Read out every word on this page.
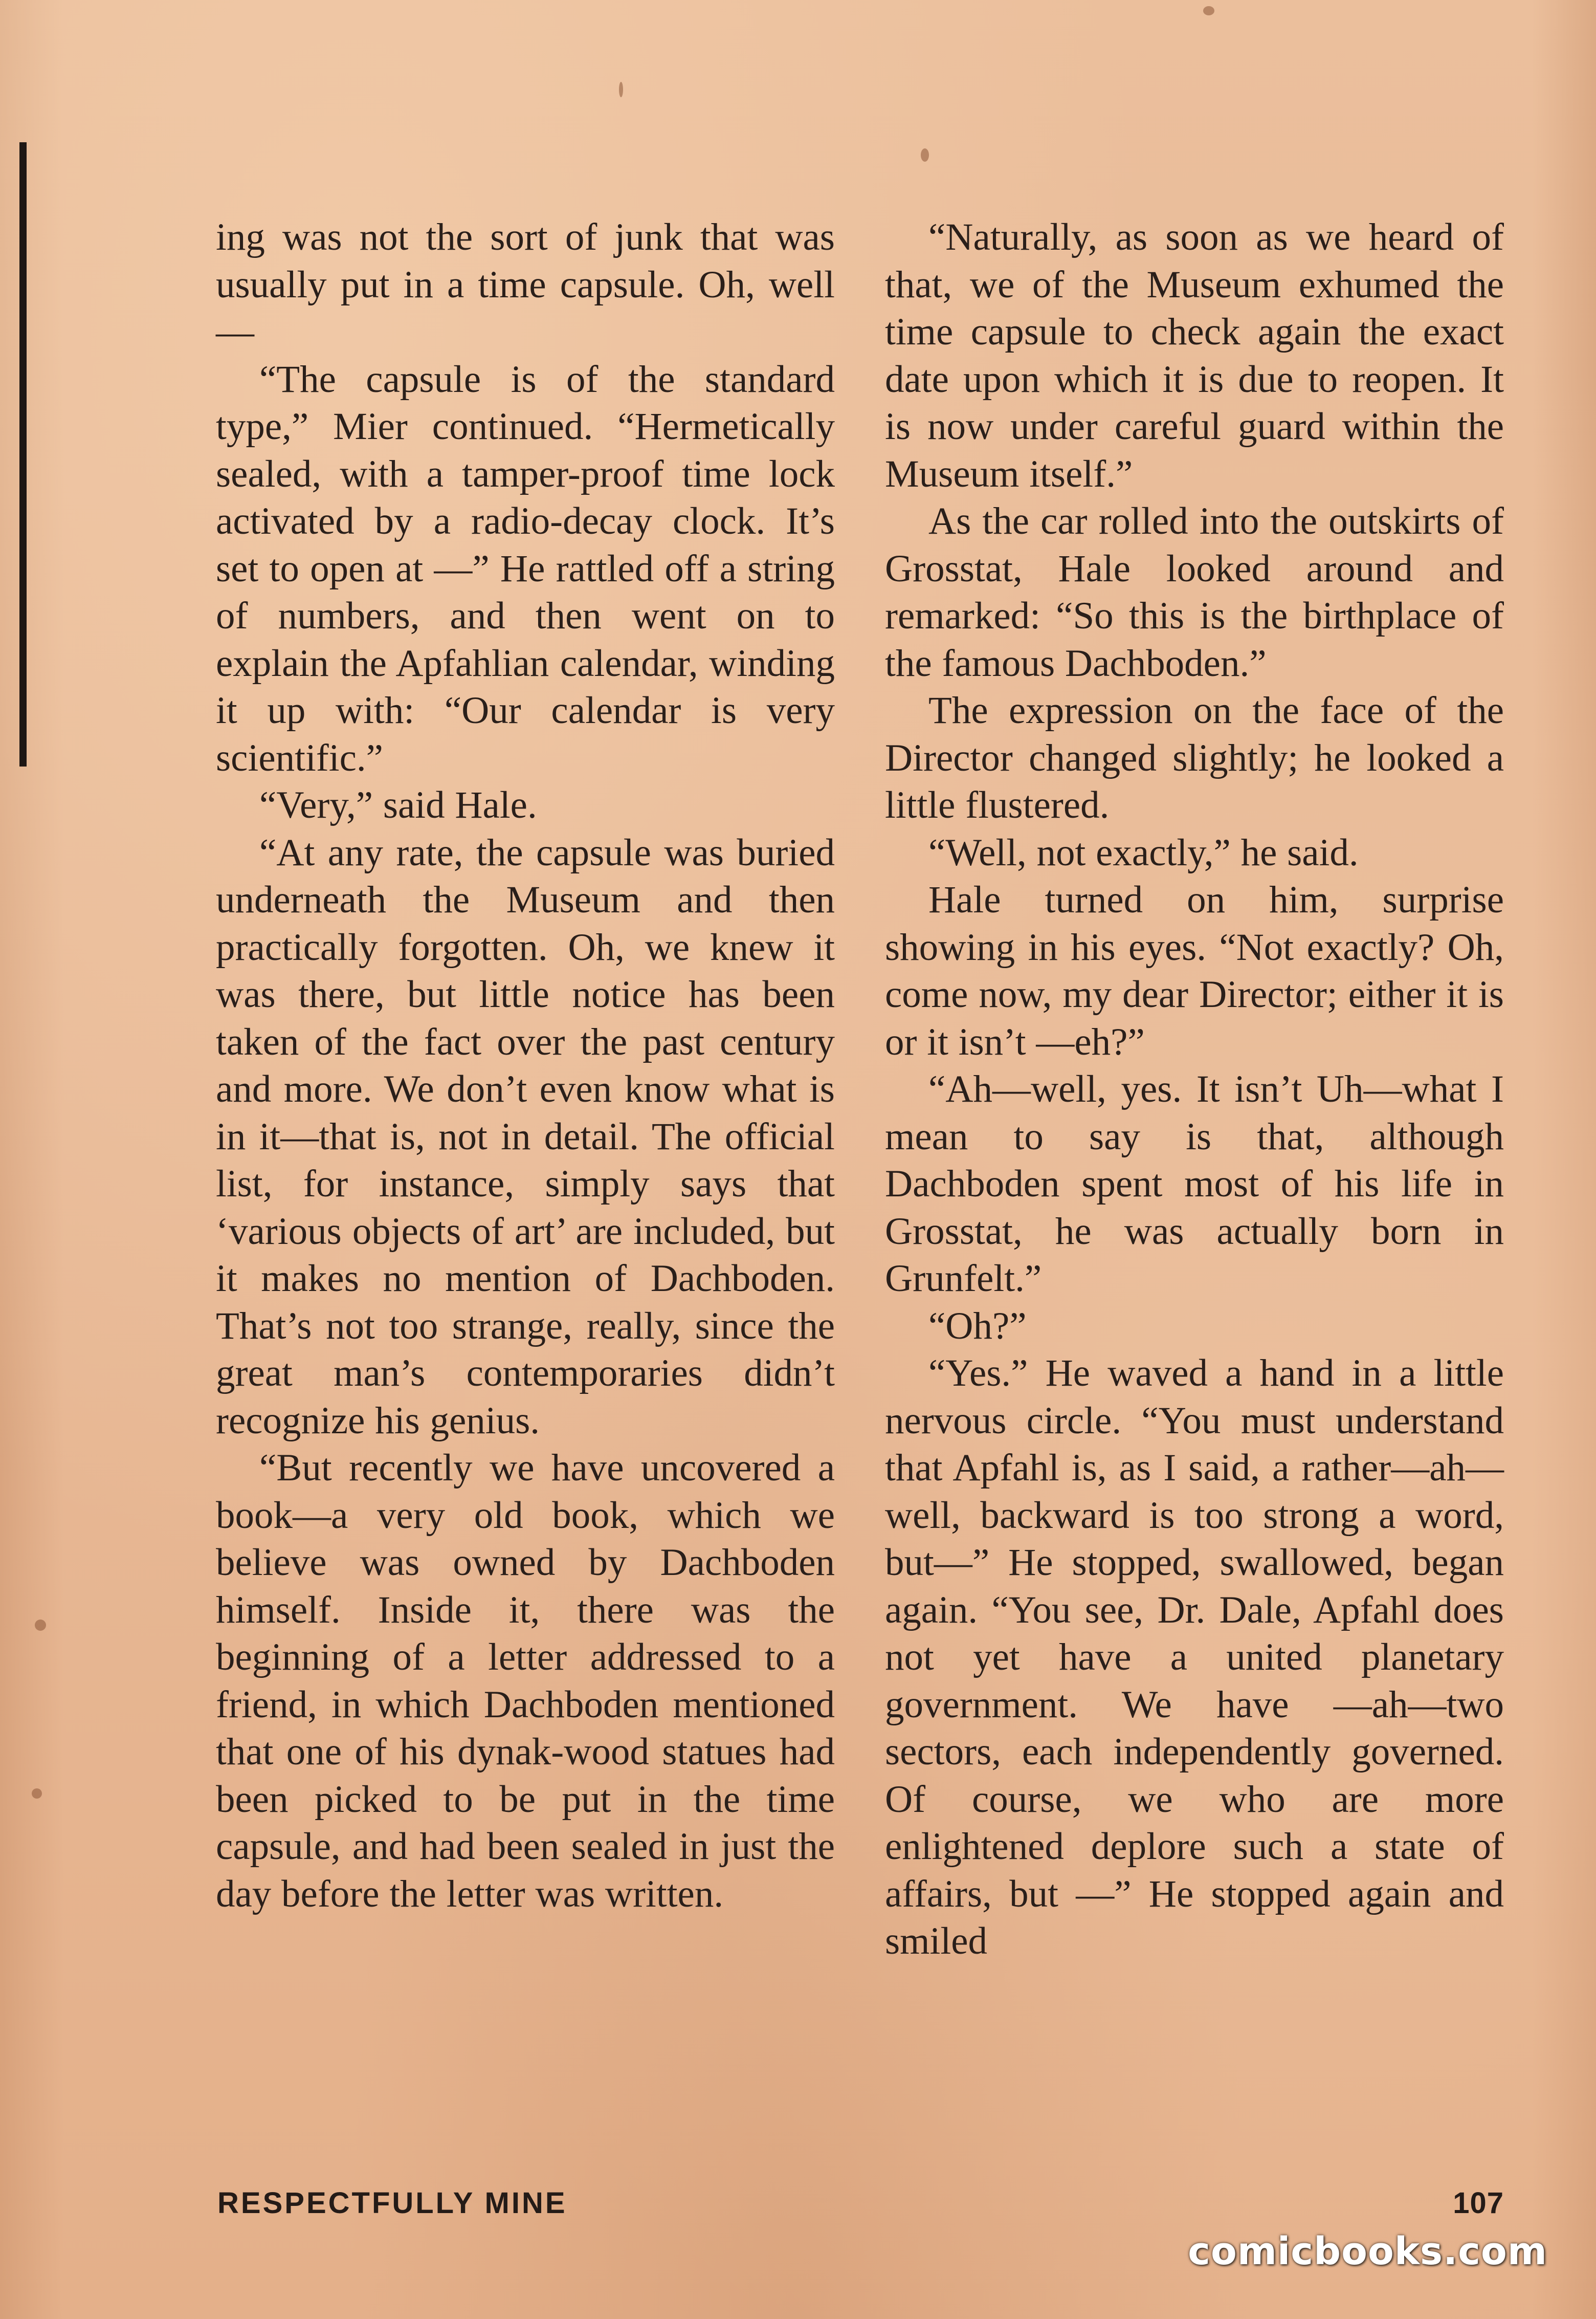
ing was not the sort of junk that was usually put in a time capsule. Oh, well—

“The capsule is of the standard type,” Mier continued. “Hermetically sealed, with a tamper-proof time lock activated by a radio-decay clock. It’s set to open at —” He rattled off a string of numbers, and then went on to explain the Apfahlian calendar, winding it up with: “Our calendar is very scientific.”

“Very,” said Hale.

“At any rate, the capsule was buried underneath the Museum and then practically forgotten. Oh, we knew it was there, but little notice has been taken of the fact over the past century and more. We don’t even know what is in it—that is, not in detail. The official list, for instance, simply says that ‘various objects of art’ are included, but it makes no mention of Dachboden. That’s not too strange, really, since the great man’s contemporaries didn’t recognize his genius.

“But recently we have uncovered a book—a very old book, which we believe was owned by Dachboden himself. Inside it, there was the beginning of a letter addressed to a friend, in which Dachboden mentioned that one of his dynak-wood statues had been picked to be put in the time capsule, and had been sealed in just the day before the letter was written.

“Naturally, as soon as we heard of that, we of the Museum exhumed the time capsule to check again the exact date upon which it is due to reopen. It is now under careful guard within the Museum itself.”

As the car rolled into the outskirts of Grosstat, Hale looked around and remarked: “So this is the birthplace of the famous Dachboden.”

The expression on the face of the Director changed slightly; he looked a little flustered.

“Well, not exactly,” he said.

Hale turned on him, surprise showing in his eyes. “Not exactly? Oh, come now, my dear Director; either it is or it isn’t —eh?”

“Ah—well, yes. It isn’t Uh—what I mean to say is that, although Dachboden spent most of his life in Grosstat, he was actually born in Grunfelt.”

“Oh?”

“Yes.” He waved a hand in a little nervous circle. “You must understand that Apfahl is, as I said, a rather—ah—well, backward is too strong a word, but—” He stopped, swallowed, began again. “You see, Dr. Dale, Apfahl does not yet have a united planetary government. We have —ah—two sectors, each independently governed. Of course, we who are more enlightened deplore such a state of affairs, but —” He stopped again and smiled

RESPECTFULLY MINE	107
comicbooks.com
